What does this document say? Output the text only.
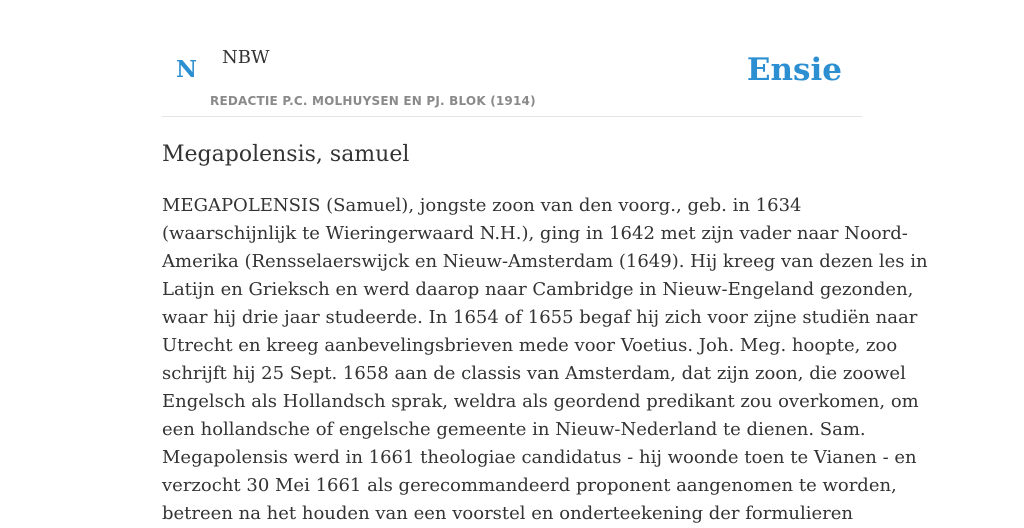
N NBW
REDACTIE P.C. MOLHUYSEN EN PJ. BLOK (1914)
Ensie
Megapolensis, samuel
MEGAPOLENSIS (Samuel), jongste zoon van den voorg., geb. in 1634
(waarschijnlijk te Wieringerwaard N.H.), ging in 1642 met zijn vader naar Noord-
Amerika (Rensselaerswijck en Nieuw-Amsterdam (1649). Hij kreeg van dezen les in
Latijn en Grieksch en werd daarop naar Cambridge in Nieuw-Engeland gezonden,
waar hij drie jaar studeerde. In 1654 of 1655 begaf hij zich voor zijne studiën naar
Utrecht en kreeg aanbevelingsbrieven mede voor Voetius. Joh. Meg. hoopte, zoo
schrijft hij 25 Sept. 1658 aan de classis van Amsterdam, dat zijn zoon, die zoowel
Engelsch als Hollandsch sprak, weldra als geordend predikant zou overkomen, om
een hollandsche of engelsche gemeente in Nieuw-Nederland te dienen. Sam.
Megapolensis werd in 1661 theologiae candidatus - hij woonde toen te Vianen - en
verzocht 30 Mei 1661 als gerecommandeerd proponent aangenomen te worden,
betreen na het houden van een voorstel en onderteekening der formulieren
